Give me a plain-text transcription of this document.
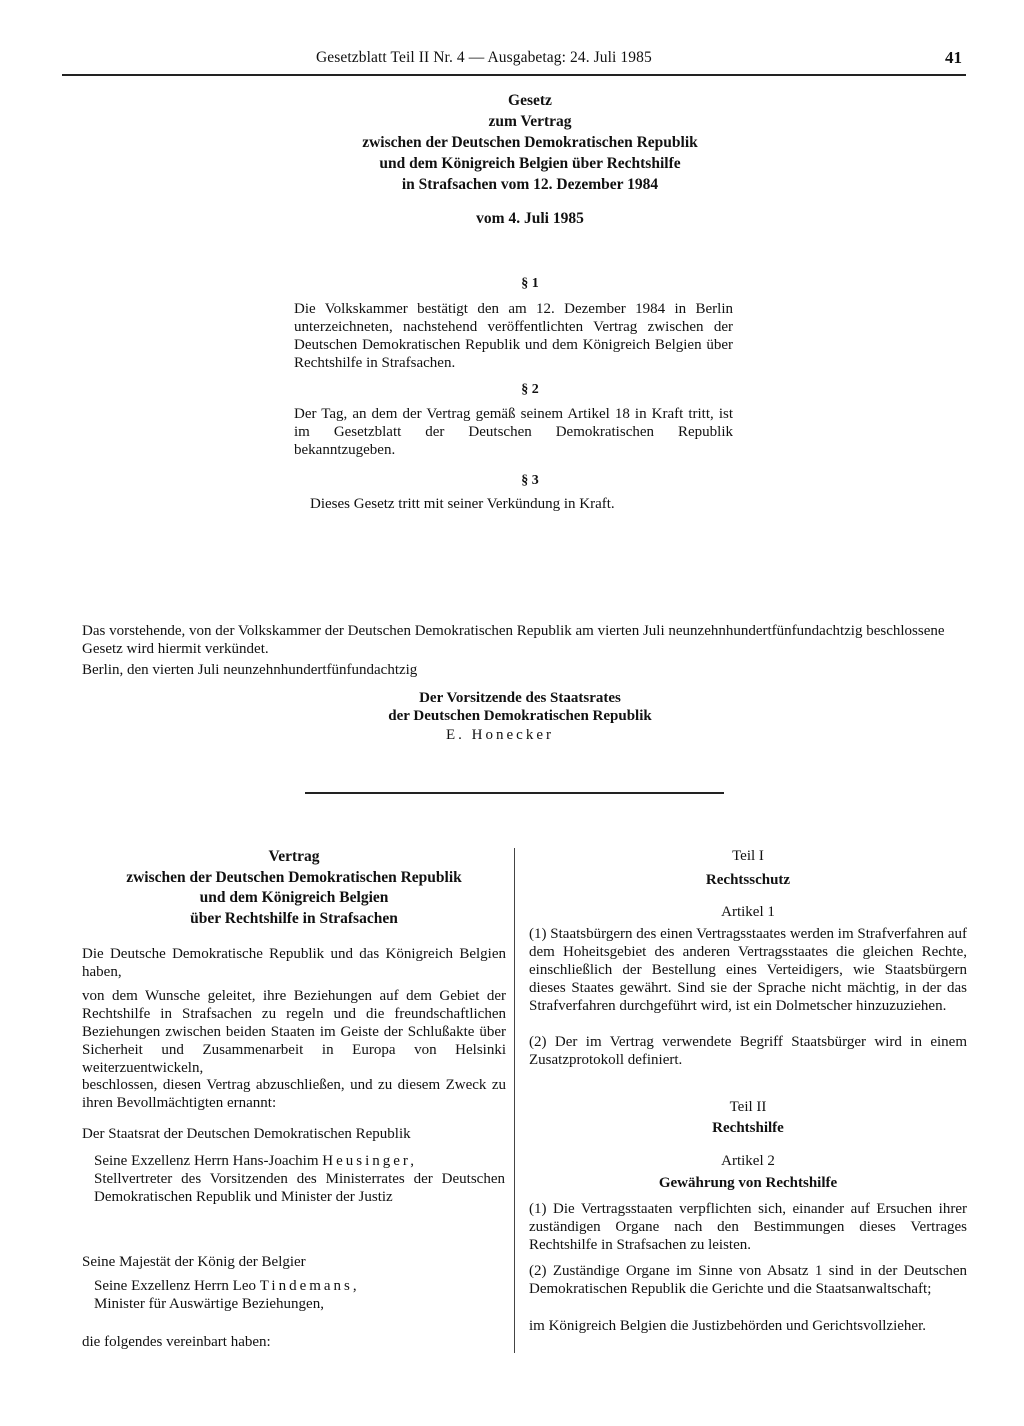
Gesetzblatt Teil II Nr. 4 — Ausgabetag: 24. Juli 1985	41
Gesetz
zum Vertrag
zwischen der Deutschen Demokratischen Republik
und dem Königreich Belgien über Rechtshilfe
in Strafsachen vom 12. Dezember 1984
vom 4. Juli 1985
§ 1

Die Volkskammer bestätigt den am 12. Dezember 1984 in Berlin unterzeichneten, nachstehend veröffentlichten Vertrag zwischen der Deutschen Demokratischen Republik und dem Königreich Belgien über Rechtshilfe in Strafsachen.

§ 2

Der Tag, an dem der Vertrag gemäß seinem Artikel 18 in Kraft tritt, ist im Gesetzblatt der Deutschen Demokratischen Republik bekanntzugeben.

§ 3

Dieses Gesetz tritt mit seiner Verkündung in Kraft.

Das vorstehende, von der Volkskammer der Deutschen Demokratischen Republik am vierten Juli neunzehnhundertfünfundachtzig beschlossene Gesetz wird hiermit verkündet.

Berlin, den vierten Juli neunzehnhundertfünfundachtzig

Der Vorsitzende des Staatsrates
der Deutschen Demokratischen Republik
E. Honecker
Vertrag
zwischen der Deutschen Demokratischen Republik
und dem Königreich Belgien
über Rechtshilfe in Strafsachen

Die Deutsche Demokratische Republik und das Königreich Belgien haben,

von dem Wunsche geleitet, ihre Beziehungen auf dem Gebiet der Rechtshilfe in Strafsachen zu regeln und die freundschaftlichen Beziehungen zwischen beiden Staaten im Geiste der Schlußakte über Sicherheit und Zusammenarbeit in Europa von Helsinki weiterzuentwickeln,

beschlossen, diesen Vertrag abzuschließen, und zu diesem Zweck zu ihren Bevollmächtigten ernannt:

Der Staatsrat der Deutschen Demokratischen Republik

Seine Exzellenz Herrn Hans-Joachim Heusinger,

Stellvertreter des Vorsitzenden des Ministerrates der Deutschen Demokratischen Republik und Minister der Justiz

Seine Majestät der König der Belgier

Seine Exzellenz Herrn Leo Tindemans,

Minister für Auswärtige Beziehungen,

die folgendes vereinbart haben:

Teil I
Rechtsschutz
Artikel 1

(1) Staatsbürgern des einen Vertragsstaates werden im Strafverfahren auf dem Hoheitsgebiet des anderen Vertragsstaates die gleichen Rechte, einschließlich der Bestellung eines Verteidigers, wie Staatsbürgern dieses Staates gewährt. Sind sie der Sprache nicht mächtig, in der das Strafverfahren durchgeführt wird, ist ein Dolmetscher hinzuzuziehen.

(2) Der im Vertrag verwendete Begriff Staatsbürger wird in einem Zusatzprotokoll definiert.

Teil II
Rechtshilfe
Artikel 2
Gewährung von Rechtshilfe

(1) Die Vertragsstaaten verpflichten sich, einander auf Ersuchen ihrer zuständigen Organe nach den Bestimmungen dieses Vertrages Rechtshilfe in Strafsachen zu leisten.

(2) Zuständige Organe im Sinne von Absatz 1 sind in der Deutschen Demokratischen Republik die Gerichte und die Staatsanwaltschaft;

im Königreich Belgien die Justizbehörden und Gerichtsvollzieher.
